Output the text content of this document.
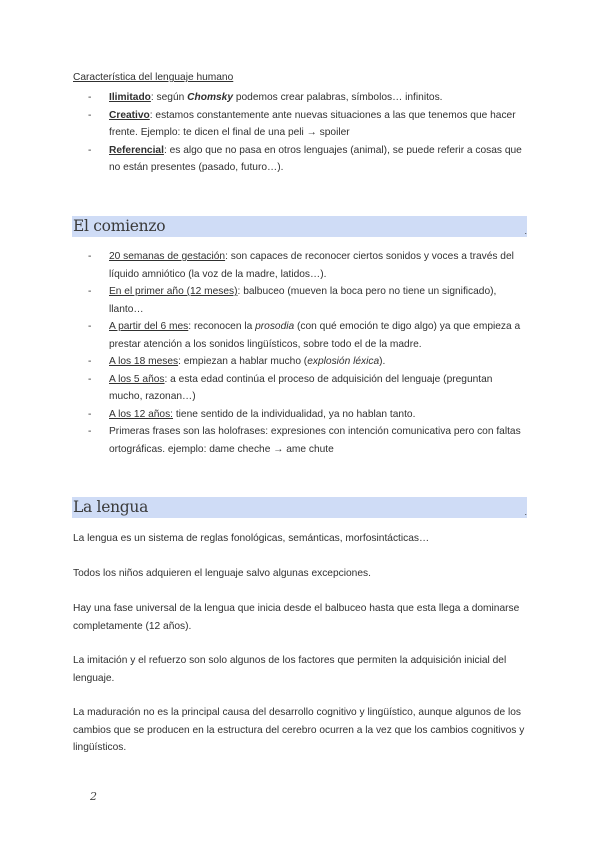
Característica del lenguaje humano
- Ilimitado: según Chomsky podemos crear palabras, símbolos… infinitos.
- Creativo: estamos constantemente ante nuevas situaciones a las que tenemos que hacer frente. Ejemplo: te dicen el final de una peli → spoiler
- Referencial: es algo que no pasa en otros lenguajes (animal), se puede referir a cosas que no están presentes (pasado, futuro…).
El comienzo	.
- 20 semanas de gestación: son capaces de reconocer ciertos sonidos y voces a través del líquido amniótico (la voz de la madre, latidos…).
- En el primer año (12 meses): balbuceo (mueven la boca pero no tiene un significado), llanto…
- A partir del 6 mes: reconocen la prosodia (con qué emoción te digo algo) ya que empieza a prestar atención a los sonidos lingüísticos, sobre todo el de la madre.
- A los 18 meses: empiezan a hablar mucho (explosión léxica).
- A los 5 años: a esta edad continúa el proceso de adquisición del lenguaje (preguntan mucho, razonan…)
- A los 12 años: tiene sentido de la individualidad, ya no hablan tanto.
- Primeras frases son las holofrases: expresiones con intención comunicativa pero con faltas ortográficas. ejemplo: dame cheche → ame chute
La lengua	.
La lengua es un sistema de reglas fonológicas, semánticas, morfosintácticas…
Todos los niños adquieren el lenguaje salvo algunas excepciones.
Hay una fase universal de la lengua que inicia desde el balbuceo hasta que esta llega a dominarse completamente (12 años).
La imitación y el refuerzo son solo algunos de los factores que permiten la adquisición inicial del lenguaje.
La maduración no es la principal causa del desarrollo cognitivo y lingüístico, aunque algunos de los cambios que se producen en la estructura del cerebro ocurren a la vez que los cambios cognitivos y lingüísticos.
2
